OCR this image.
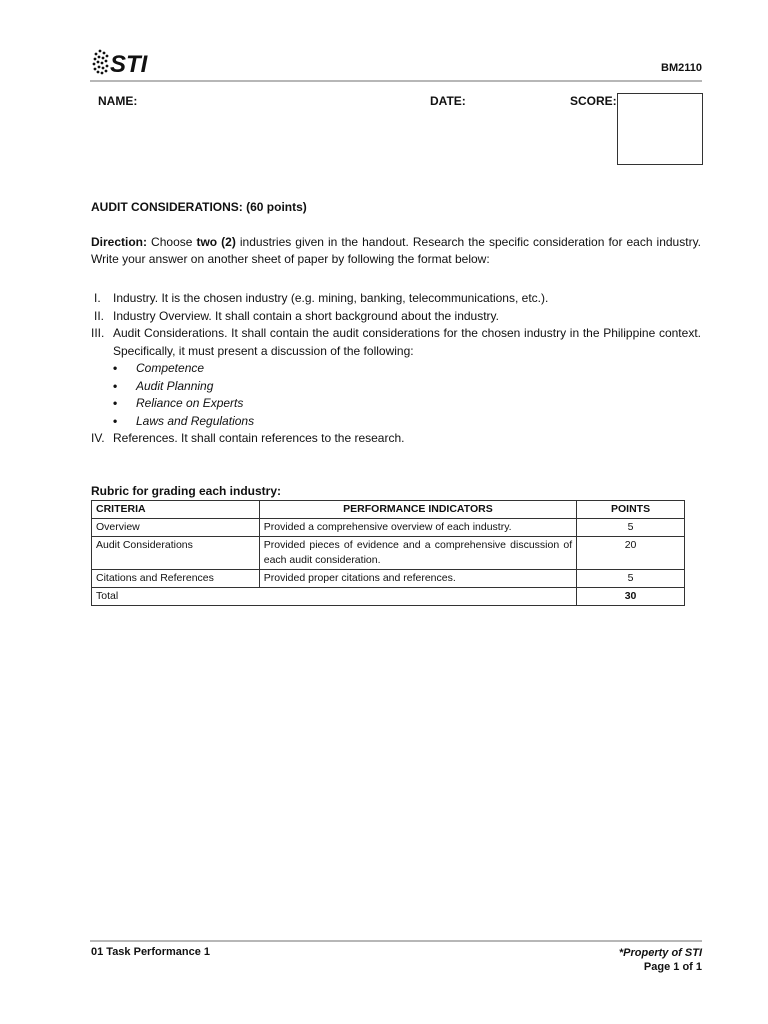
STI	BM2110
NAME:	DATE:	SCORE:
AUDIT CONSIDERATIONS: (60 points)
Direction: Choose two (2) industries given in the handout. Research the specific consideration for each industry. Write your answer on another sheet of paper by following the format below:
I. Industry. It is the chosen industry (e.g. mining, banking, telecommunications, etc.).
II. Industry Overview. It shall contain a short background about the industry.
III. Audit Considerations. It shall contain the audit considerations for the chosen industry in the Philippine context. Specifically, it must present a discussion of the following:
• Competence
• Audit Planning
• Reliance on Experts
• Laws and Regulations
IV. References. It shall contain references to the research.
Rubric for grading each industry:
CRITERIA	PERFORMANCE INDICATORS	POINTS
Overview	Provided a comprehensive overview of each industry.	5
Audit Considerations	Provided pieces of evidence and a comprehensive discussion of each audit consideration.	20
Citations and References	Provided proper citations and references.	5
Total		30
01 Task Performance 1	*Property of STI
Page 1 of 1
